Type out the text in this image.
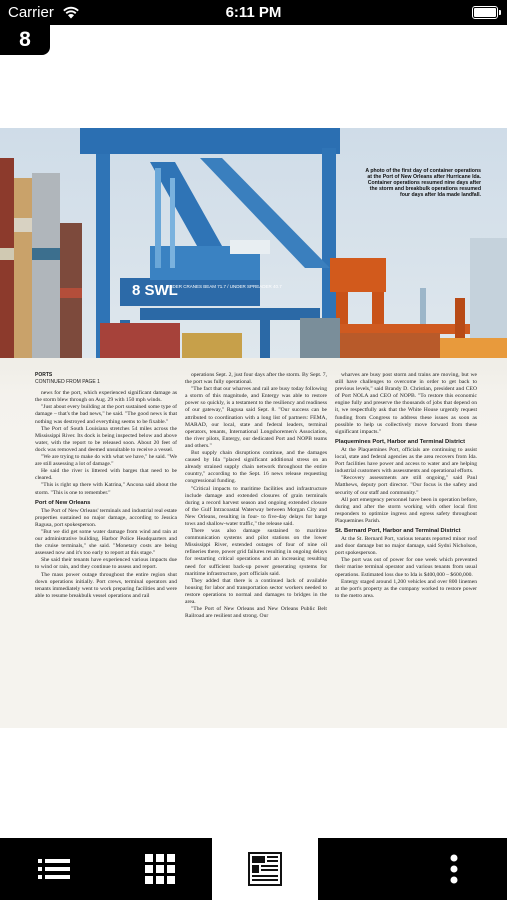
Carrier	6:11 PM
8
8 SWL
UNDER CRANES BEAM 71.7 / UNDER SPREADER 40.7
A photo of the first day of container operations at the Port of New Orleans after Hurricane Ida. Container operations resumed nine days after the storm and breakbulk operations resumed four days after Ida made landfall.
PORTS
CONTINUED FROM PAGE 1

news for the port, which experienced significant damage as the storm blew through on Aug. 29 with 150 mph winds.

"Just about every building at the port sustained some type of damage – that's the bad news," he said. "The good news is that nothing was destroyed and everything seems to be fixable."

The Port of South Louisiana stretches 54 miles across the Mississippi River. Its dock is being inspected below and above water, with the report to be released soon. About 20 feet of dock was removed and deemed unsuitable to receive a vessel.

"We are trying to make do with what we have," he said. "We are still assessing a lot of damage."

He said the river is littered with barges that need to be cleared.

"This is right up there with Katrina," Ancona said about the storm. "This is one to remember."

Port of New Orleans

The Port of New Orleans' terminals and industrial real estate properties sustained no major damage, according to Jessica Ragusa, port spokesperson.

"But we did get some water damage from wind and rain at our administrative building, Harbor Police Headquarters and the cruise terminals," she said. "Monetary costs are being assessed now and it's too early to report at this stage."

She said their tenants have experienced various impacts due to wind or rain, and they continue to assess and report.

The mass power outage throughout the entire region shut down operations initially. Port crews, terminal operators and tenants immediately went to work preparing facilities and were able to resume breakbulk vessel operations and rail

operations Sept. 2, just four days after the storm. By Sept. 7, the port was fully operational.

"The fact that our wharves and rail are busy today following a storm of this magnitude, and Entergy was able to restore power so quickly, is a testament to the resiliency and readiness of our gateway," Ragusa said Sept. 8. "Our success can be attributed to coordination with a long list of partners: FEMA, MARAD, our local, state and federal leaders, terminal operators, tenants, International Longshoremen's Association, the river pilots, Entergy, our dedicated Port and NOPB teams and others."

But supply chain disruptions continue, and the damages caused by Ida "placed significant additional stress on an already strained supply chain network throughout the entire country," according to the Sept. 16 news release requesting congressional funding.

"Critical impacts to maritime facilities and infrastructure include damage and extended closures of grain terminals during a record harvest season and ongoing extended closure of the Gulf Intracoastal Waterway between Morgan City and New Orleans, resulting in four- to five-day delays for barge tows and shallow-water traffic," the release said.

There was also damage sustained to maritime communication systems and pilot stations on the lower Mississippi River, extended outages of four of nine oil refineries there, power grid failures resulting in ongoing delays for restarting critical operations and an increasing resulting need for sufficient back-up power generating systems for maritime infrastructure, port officials said.

They added that there is a continued lack of available housing for labor and transportation sector workers needed to restore operations to normal and damages to bridges in the area.

"The Port of New Orleans and New Orleans Public Belt Railroad are resilient and strong. Our

wharves are busy post storm and trains are moving, but we still have challenges to overcome in order to get back to previous levels," said Brandy D. Christian, president and CEO of Port NOLA and CEO of NOPB. "To restore this economic engine fully and preserve the thousands of jobs that depend on it, we respectfully ask that the White House urgently request funding from Congress to address these issues as soon as possible to help us collectively move forward from these significant impacts."

Plaquemines Port, Harbor and Terminal District

At the Plaquemines Port, officials are continuing to assist local, state and federal agencies as the area recovers from Ida. Port facilities have power and access to water and are helping industrial customers with assessments and operational efforts.

"Recovery assessments are still ongoing," said Paul Matthews, deputy port director. "Our focus is the safety and security of our staff and community."

All port emergency personnel have been in operation before, during and after the storm working with other local first responders to optimize ingress and egress safety throughout Plaquemines Parish.

St. Bernard Port, Harbor and Terminal District

At the St. Bernard Port, various tenants reported minor roof and door damage but no major damage, said Sydni Nicholson, port spokesperson.

The port was out of power for one week which prevented their marine terminal operator and various tenants from usual operations. Estimated loss due to Ida is $400,000 – $600,000.

Entergy staged around 1,200 vehicles and over 800 linemen at the port's property as the company worked to restore power to the metro area.
